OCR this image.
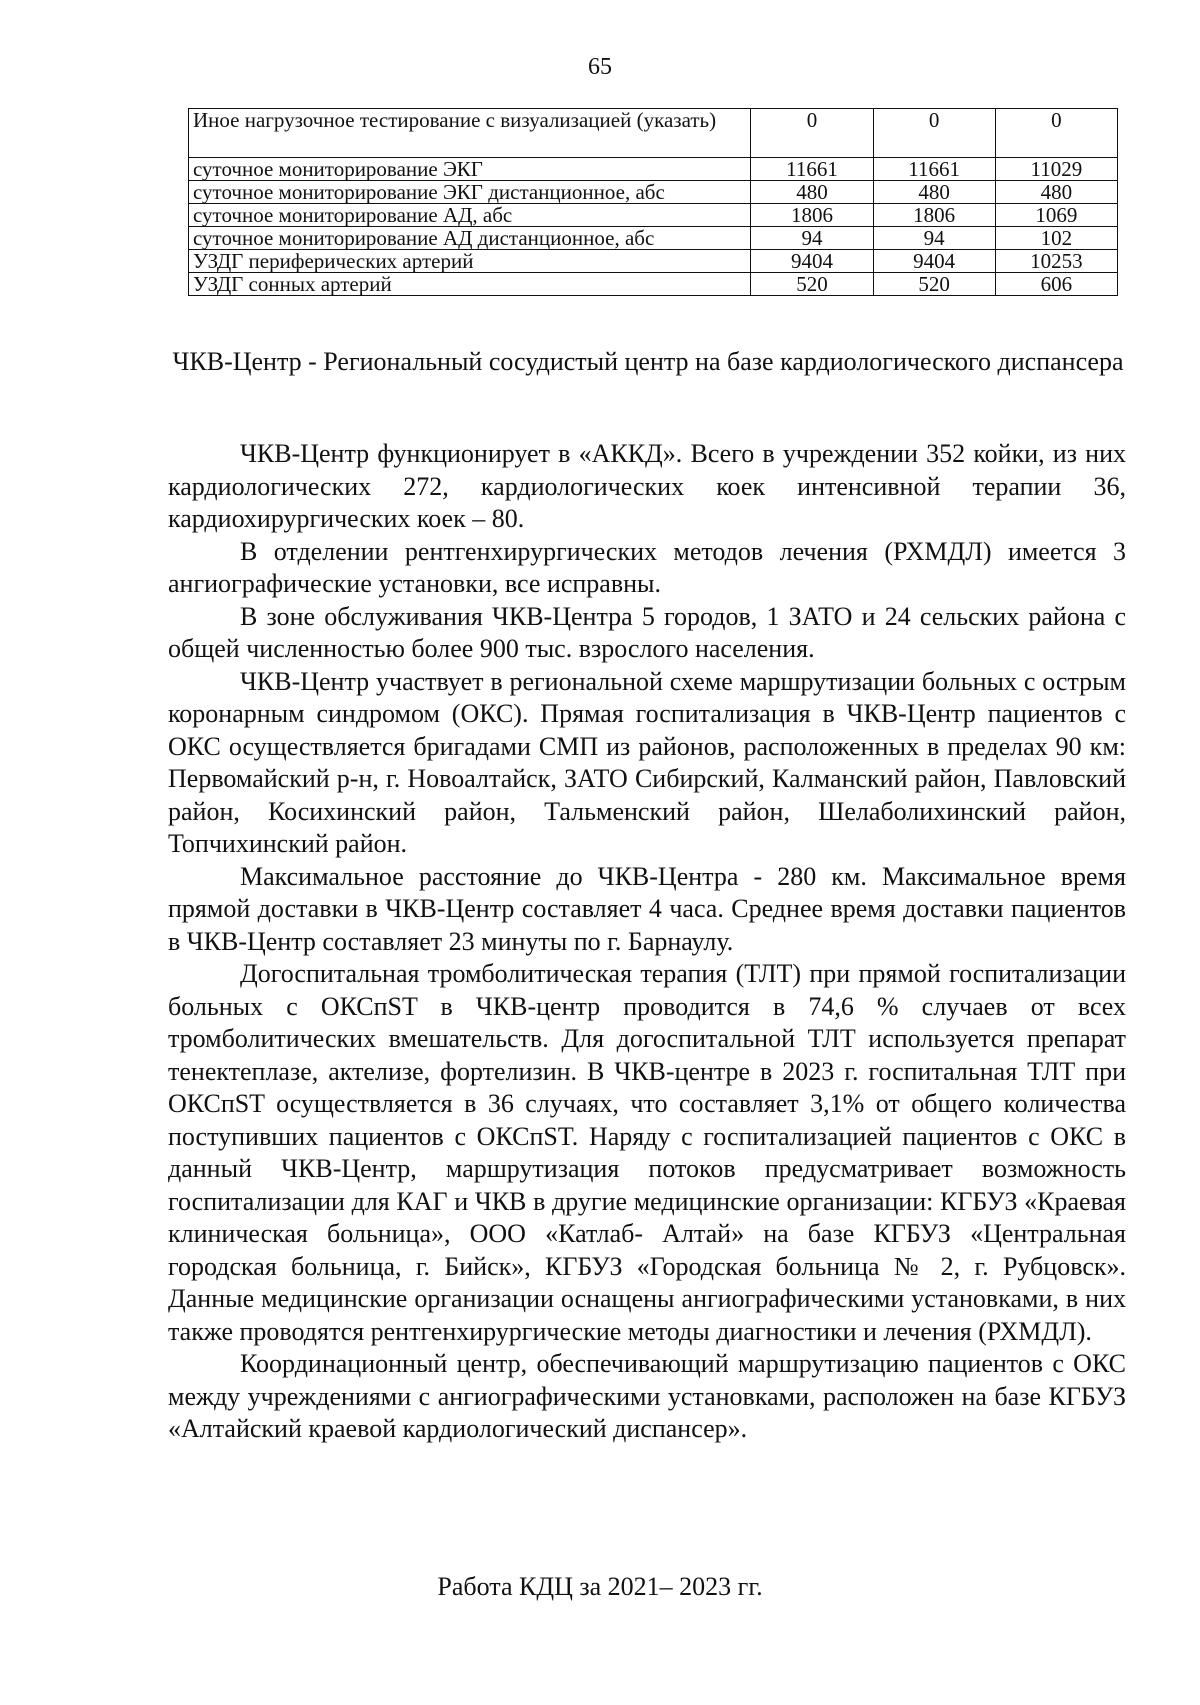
65
Иное нагрузочное тестирование с визуализацией (указать)	0	0	0
суточное мониторирование ЭКГ	11661	11661	11029
суточное мониторирование ЭКГ дистанционное, абс	480	480	480
суточное мониторирование АД, абс	1806	1806	1069
суточное мониторирование АД дистанционное, абс	94	94	102
УЗДГ периферических артерий	9404	9404	10253
УЗДГ сонных артерий	520	520	606
ЧКВ-Центр - Региональный сосудистый центр на базе кардиологического диспансера

ЧКВ-Центр функционирует в «АККД». Всего в учреждении 352 койки, из них кардиологических 272, кардиологических коек интенсивной терапии 36, кардиохирургических коек – 80.

В отделении рентгенхирургических методов лечения (РХМДЛ) имеется 3 ангиографические установки, все исправны.

В зоне обслуживания ЧКВ-Центра 5 городов, 1 ЗАТО и 24 сельских района с общей численностью более 900 тыс. взрослого населения.

ЧКВ-Центр участвует в региональной схеме маршрутизации больных с острым коронарным синдромом (ОКС). Прямая госпитализация в ЧКВ-Центр пациентов с ОКС осуществляется бригадами СМП из районов, расположенных в пределах 90 км: Первомайский р-н, г. Новоалтайск, ЗАТО Сибирский, Калманский район, Павловский район, Косихинский район, Тальменский район, Шелаболихинский район, Топчихинский район.

Максимальное расстояние до ЧКВ-Центра - 280 км. Максимальное время прямой доставки в ЧКВ-Центр составляет 4 часа. Среднее время доставки пациентов в ЧКВ-Центр составляет 23 минуты по г. Барнаулу.

Догоспитальная тромболитическая терапия (ТЛТ) при прямой госпитализации больных с ОКСпST в ЧКВ-центр проводится в 74,6 % случаев от всех тромболитических вмешательств. Для догоспитальной ТЛТ используется препарат тенектеплазе, актелизе, фортелизин. В ЧКВ-центре в 2023 г. госпитальная ТЛТ при ОКСпST осуществляется в 36 случаях, что составляет 3,1% от общего количества поступивших пациентов с ОКСпST. Наряду с госпитализацией пациентов с ОКС в данный ЧКВ-Центр, маршрутизация потоков предусматривает возможность госпитализации для КАГ и ЧКВ в другие медицинские организации: КГБУЗ «Краевая клиническая больница», ООО «Катлаб- Алтай» на базе КГБУЗ «Центральная городская больница, г. Бийск», КГБУЗ «Городская больница № 2, г. Рубцовск». Данные медицинские организации оснащены ангиографическими установками, в них также проводятся рентгенхирургические методы диагностики и лечения (РХМДЛ).

Координационный центр, обеспечивающий маршрутизацию пациентов с ОКС между учреждениями с ангиографическими установками, расположен на базе КГБУЗ «Алтайский краевой кардиологический диспансер».

Работа КДЦ за 2021– 2023 гг.
